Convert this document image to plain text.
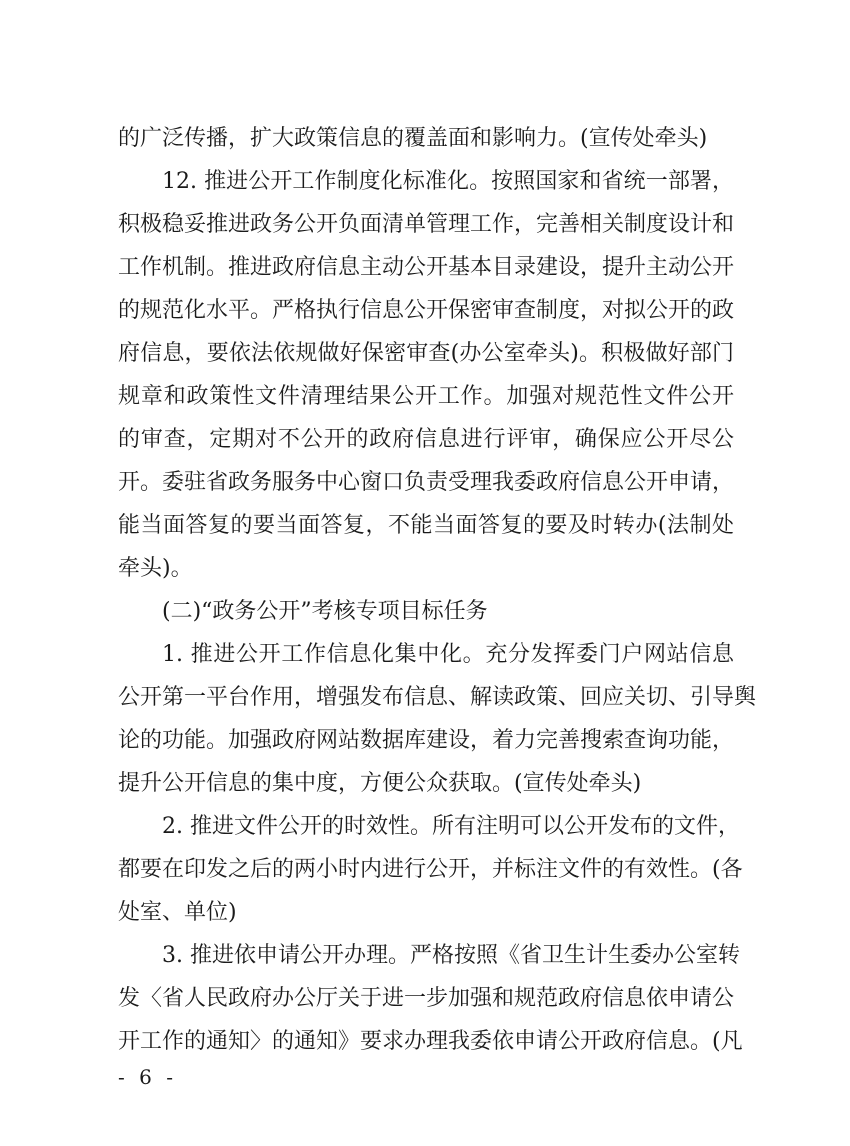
的广泛传播，扩大政策信息的覆盖面和影响力。(宣传处牵头)
12. 推进公开工作制度化标准化。按照国家和省统一部署，
积极稳妥推进政务公开负面清单管理工作，完善相关制度设计和
工作机制。推进政府信息主动公开基本目录建设，提升主动公开
的规范化水平。严格执行信息公开保密审查制度，对拟公开的政
府信息，要依法依规做好保密审查(办公室牵头)。积极做好部门
规章和政策性文件清理结果公开工作。加强对规范性文件公开
的审查，定期对不公开的政府信息进行评审，确保应公开尽公
开。委驻省政务服务中心窗口负责受理我委政府信息公开申请，
能当面答复的要当面答复，不能当面答复的要及时转办(法制处
牵头)。
(二)“政务公开”考核专项目标任务
1. 推进公开工作信息化集中化。充分发挥委门户网站信息
公开第一平台作用，增强发布信息、解读政策、回应关切、引导舆
论的功能。加强政府网站数据库建设，着力完善搜索查询功能，
提升公开信息的集中度，方便公众获取。(宣传处牵头)
2. 推进文件公开的时效性。所有注明可以公开发布的文件，
都要在印发之后的两小时内进行公开，并标注文件的有效性。(各
处室、单位)
3. 推进依申请公开办理。严格按照《省卫生计生委办公室转
发〈省人民政府办公厅关于进一步加强和规范政府信息依申请公
开工作的通知〉的通知》要求办理我委依申请公开政府信息。(凡
- 6 -
